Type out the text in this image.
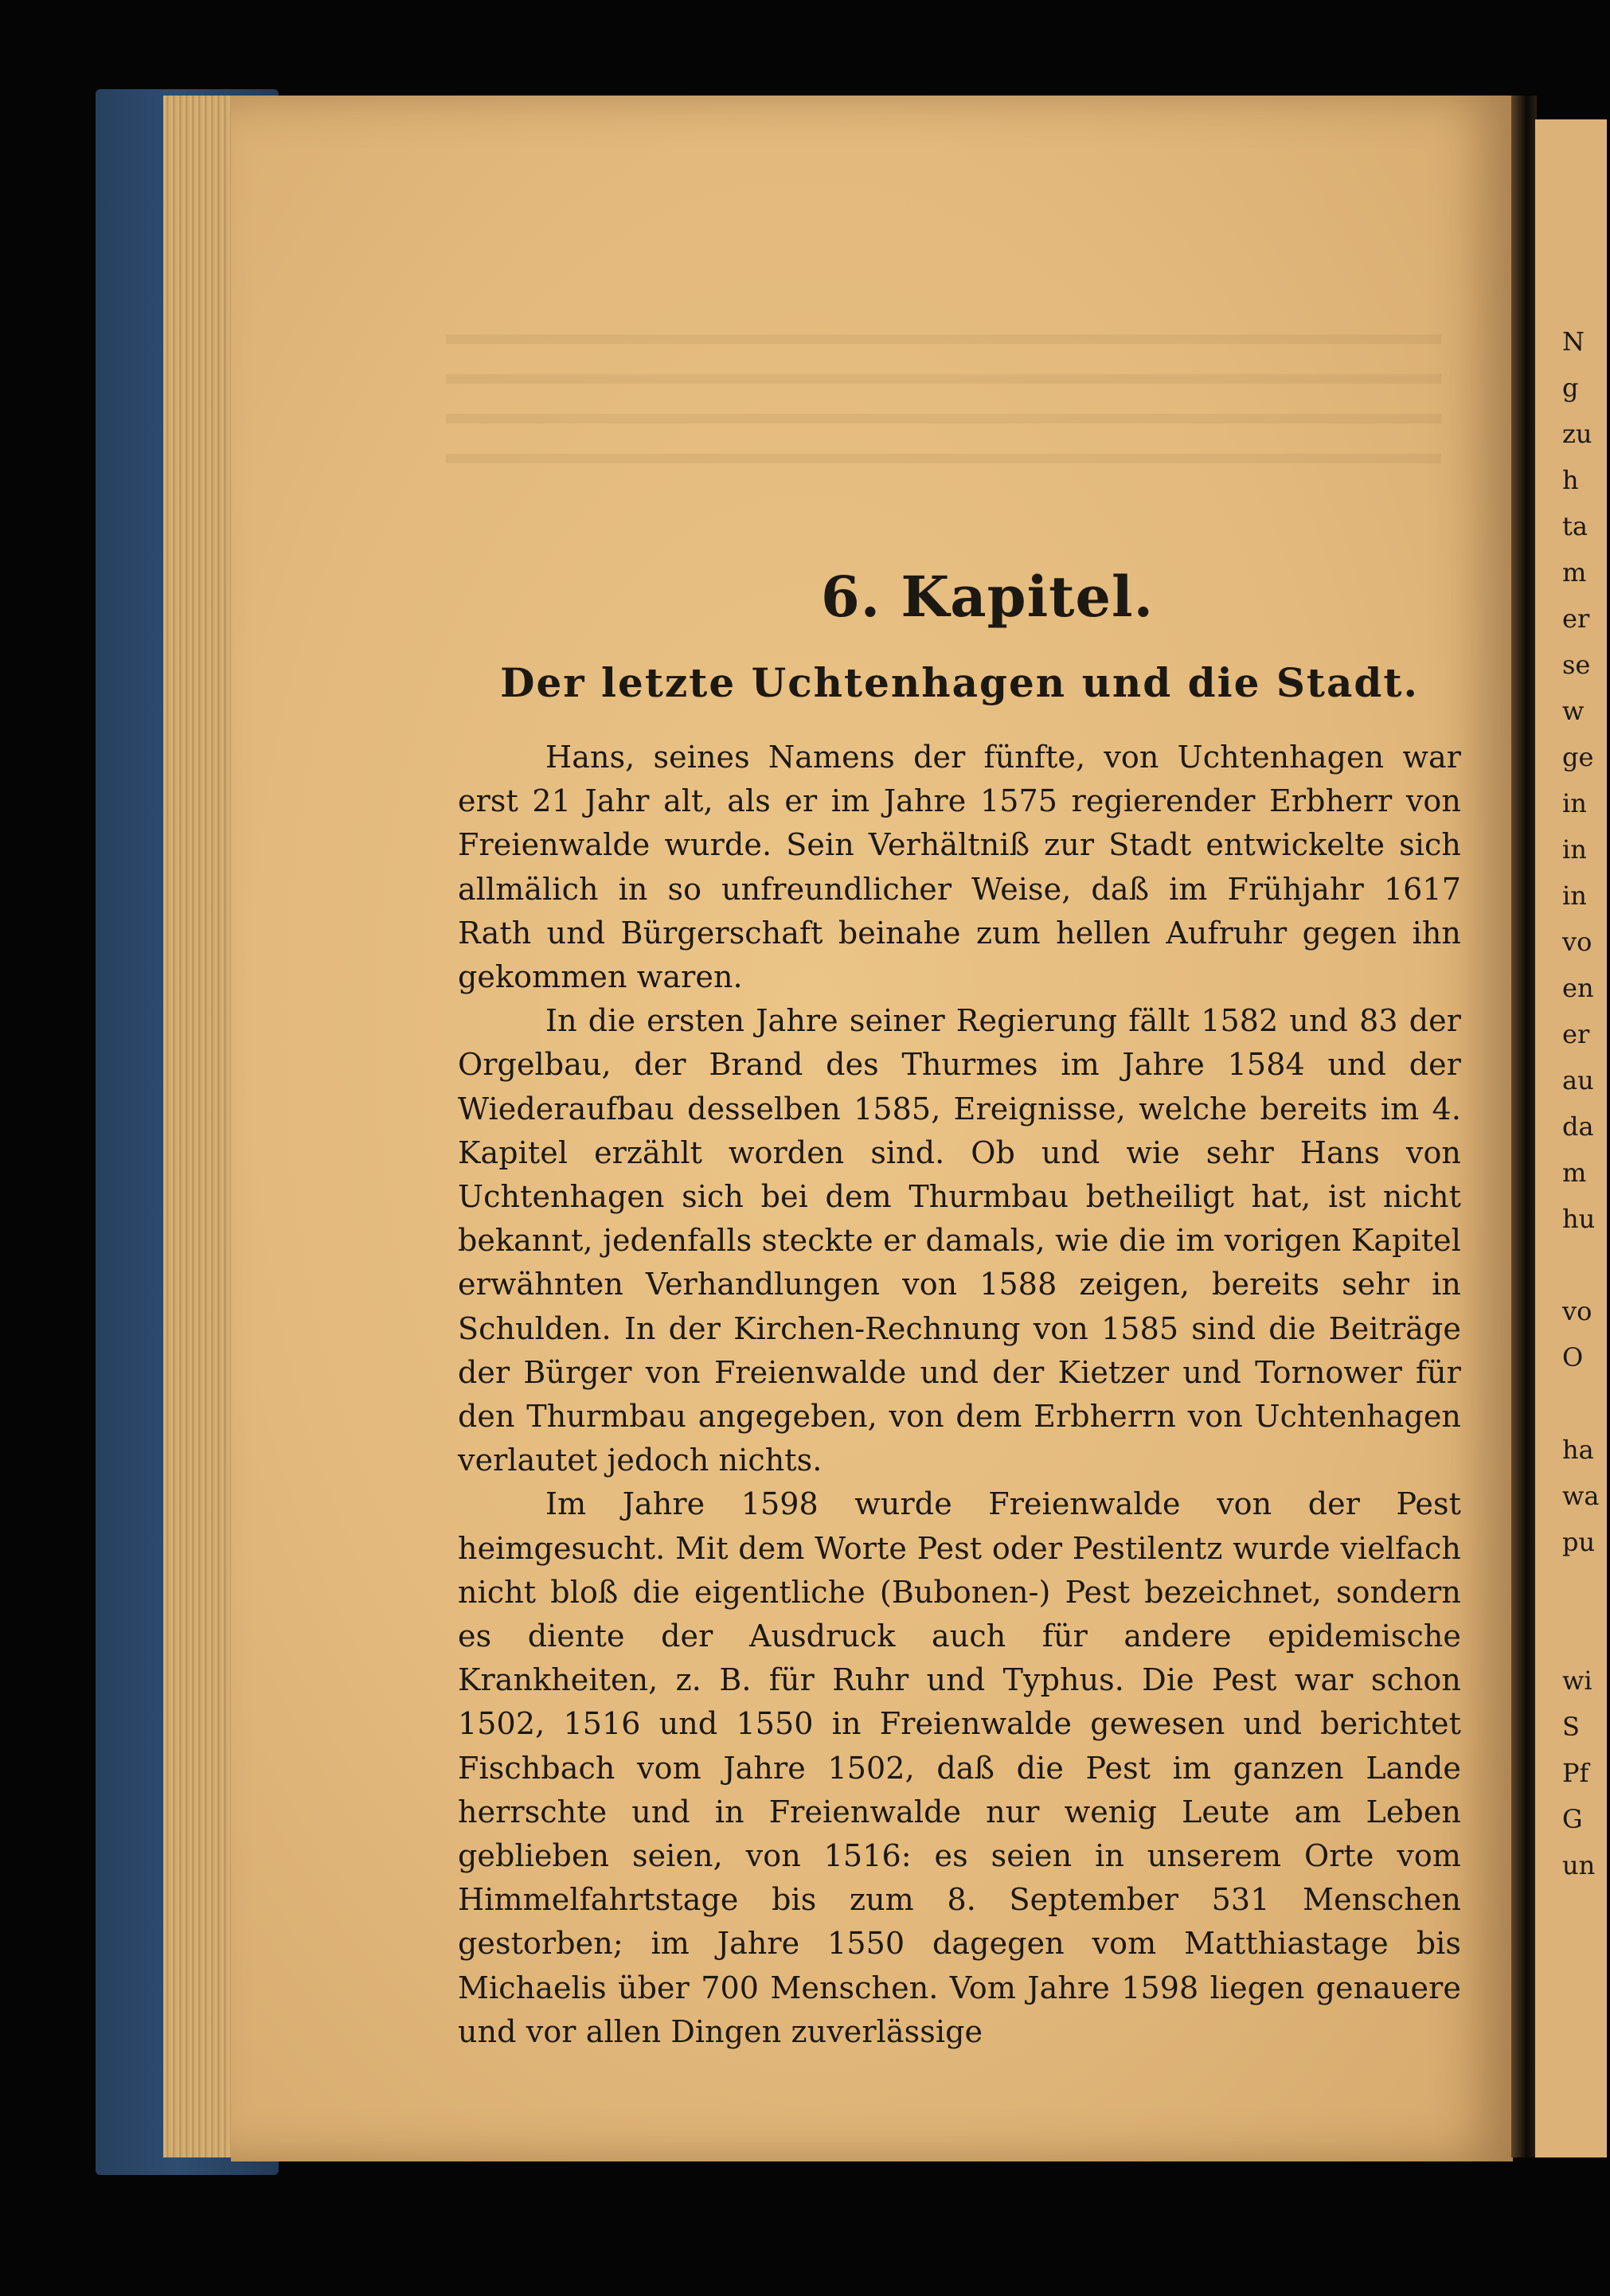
6. Kapitel.
Der letzte Uchtenhagen und die Stadt.

Hans, seines Namens der fünfte, von Uchtenhagen war erst 21 Jahr alt, als er im Jahre 1575 regierender Erbherr von Freienwalde wurde. Sein Verhältniß zur Stadt entwickelte sich allmälich in so unfreundlicher Weise, daß im Frühjahr 1617 Rath und Bürgerschaft beinahe zum hellen Aufruhr gegen ihn gekommen waren.

In die ersten Jahre seiner Regierung fällt 1582 und 83 der Orgelbau, der Brand des Thurmes im Jahre 1584 und der Wiederaufbau desselben 1585, Ereignisse, welche bereits im 4. Kapitel erzählt worden sind. Ob und wie sehr Hans von Uchtenhagen sich bei dem Thurmbau betheiligt hat, ist nicht bekannt, jedenfalls steckte er damals, wie die im vorigen Kapitel erwähnten Verhandlungen von 1588 zeigen, bereits sehr in Schulden. In der Kirchen-Rechnung von 1585 sind die Beiträge der Bürger von Freienwalde und der Kietzer und Tornower für den Thurmbau angegeben, von dem Erbherrn von Uchtenhagen verlautet jedoch nichts.

Im Jahre 1598 wurde Freienwalde von der Pest heimgesucht. Mit dem Worte Pest oder Pestilentz wurde vielfach nicht bloß die eigentliche (Bubonen-) Pest bezeichnet, sondern es diente der Ausdruck auch für andere epidemische Krankheiten, z. B. für Ruhr und Typhus. Die Pest war schon 1502, 1516 und 1550 in Freienwalde gewesen und berichtet Fischbach vom Jahre 1502, daß die Pest im ganzen Lande herrschte und in Freienwalde nur wenig Leute am Leben geblieben seien, von 1516: es seien in unserem Orte vom Himmelfahrtstage bis zum 8. September 531 Menschen gestorben; im Jahre 1550 dagegen vom Matthiastage bis Michaelis über 700 Menschen. Vom Jahre 1598 liegen genauere und vor allen Dingen zuverlässige

N
g
zu
h
ta
m
er
se
w
ge
in
in
in
vo
en
er
au
da
m
hu

vo
O

ha
wa
pu

wi
S
Pf
G
un
